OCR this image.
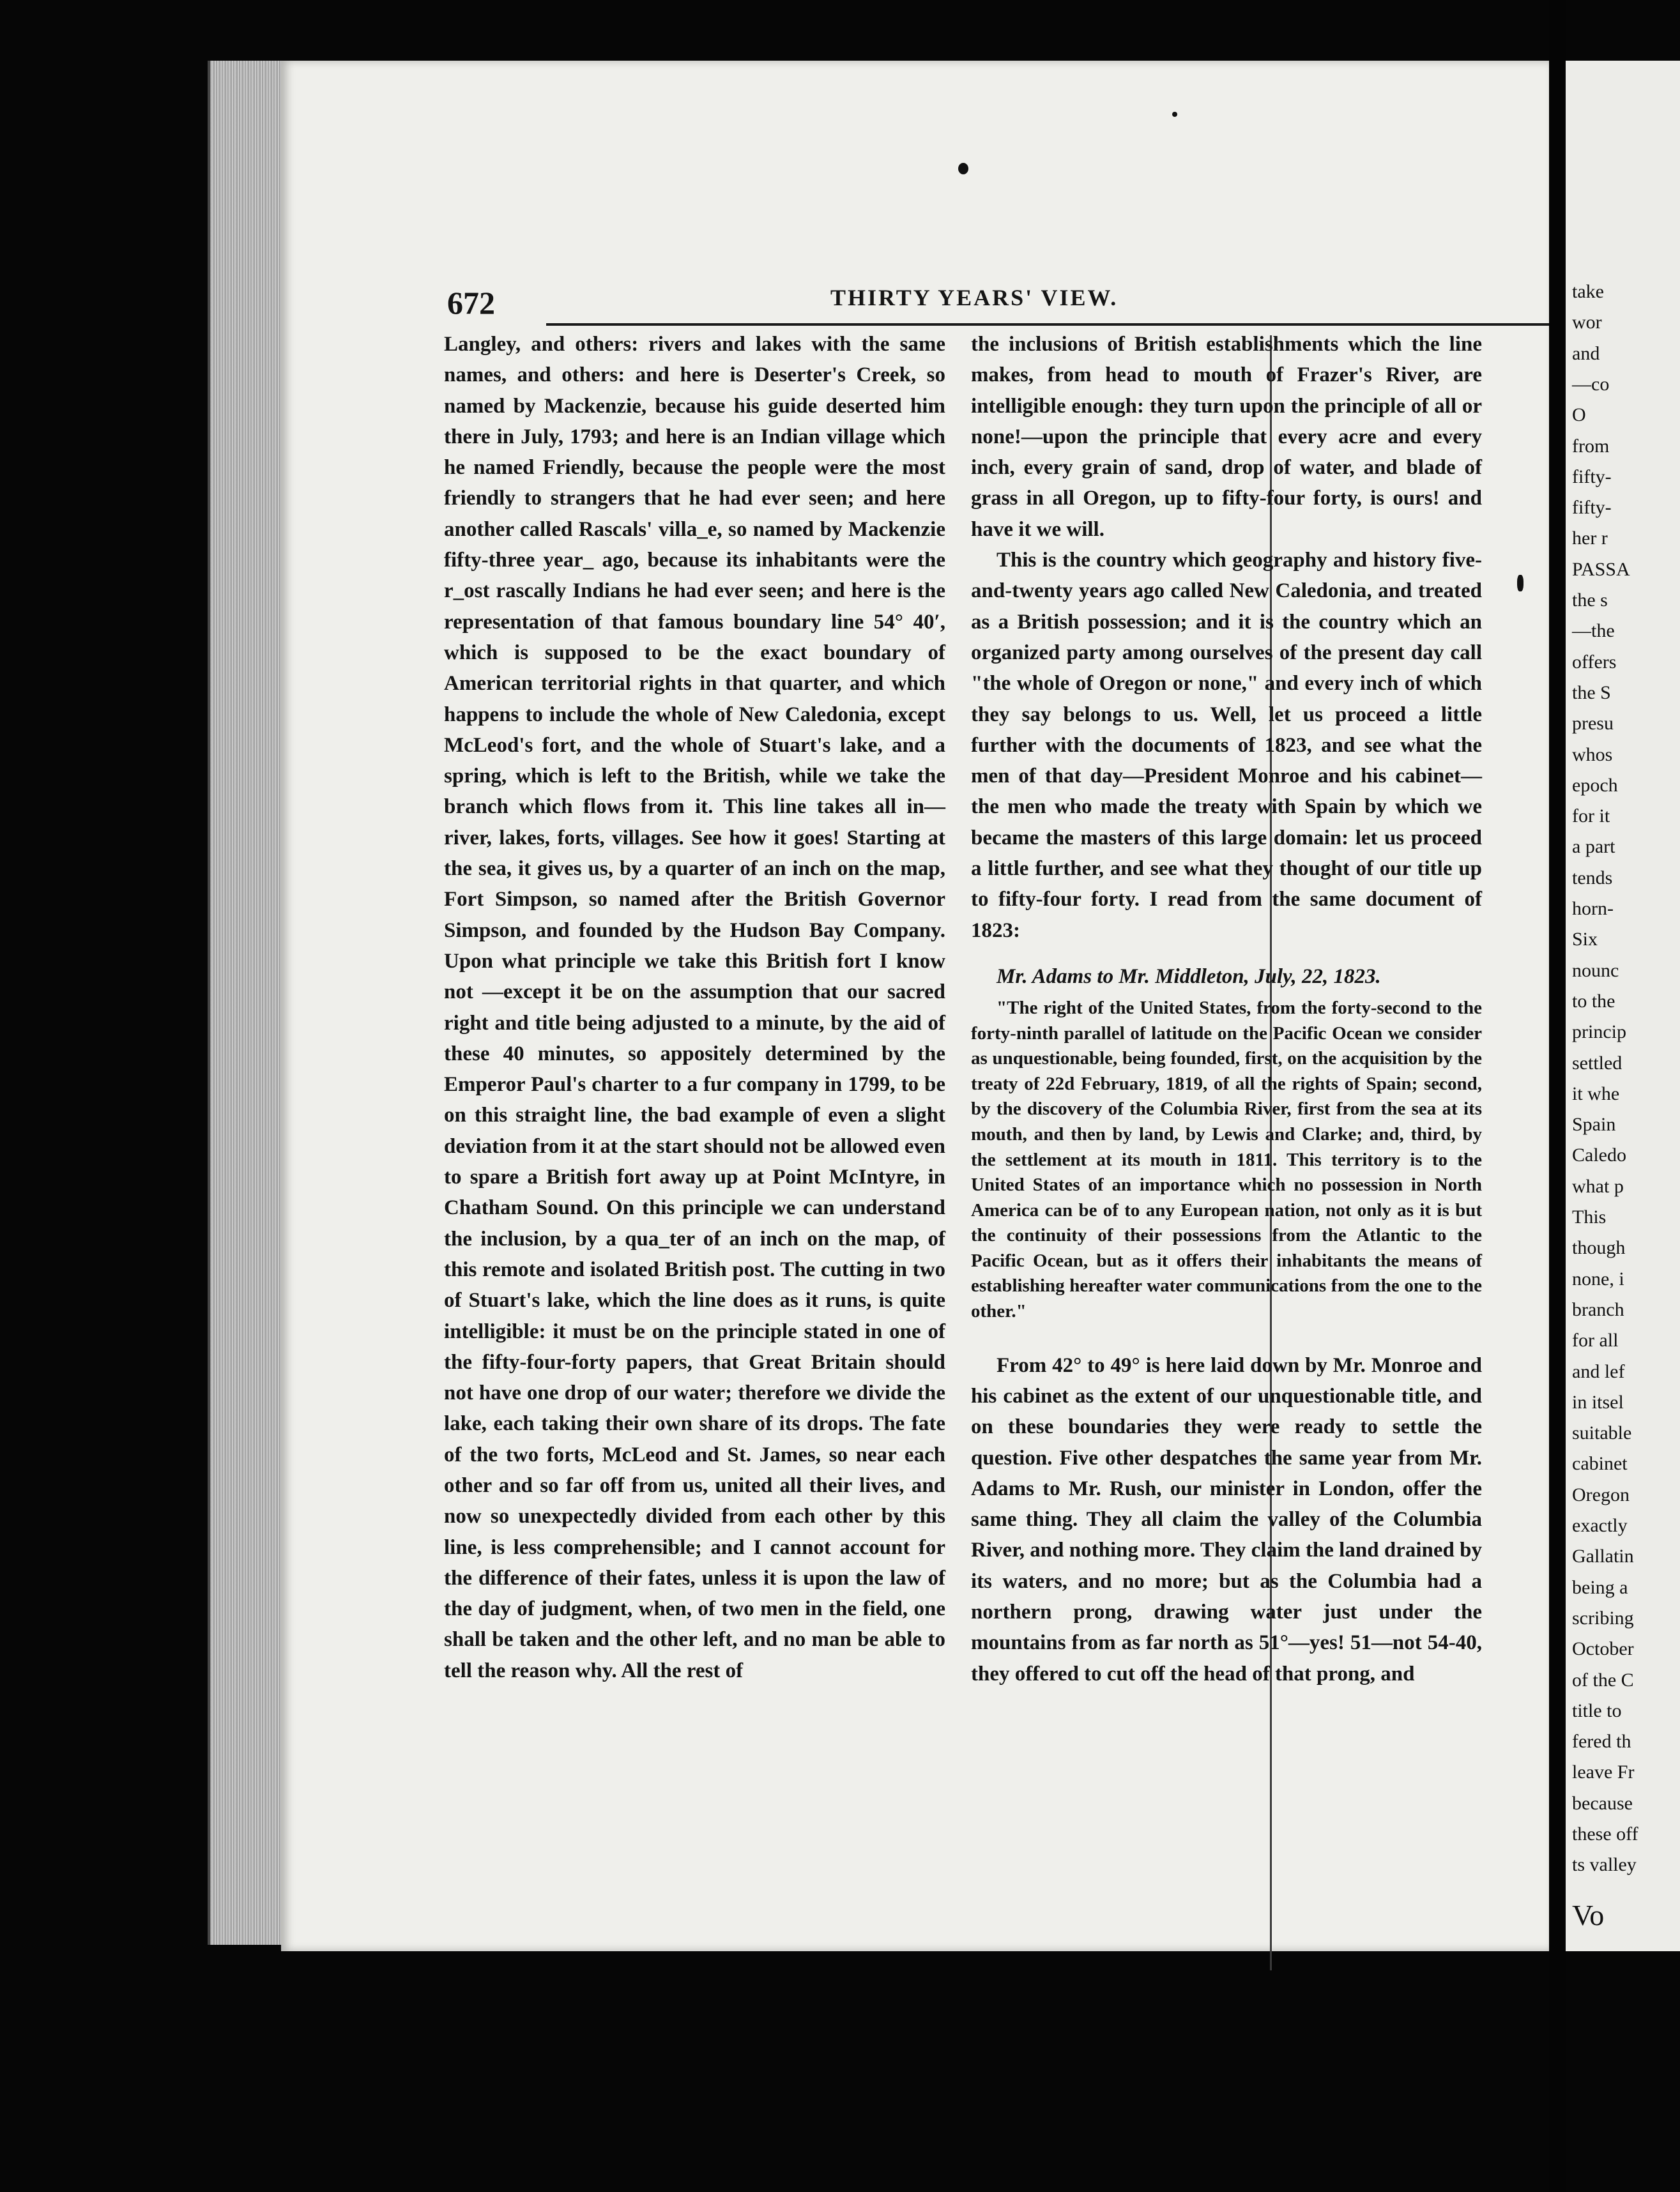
672	THIRTY YEARS' VIEW.

Langley, and others: rivers and lakes with the same names, and others: and here is Deserter's Creek, so named by Mackenzie, because his guide deserted him there in July, 1793; and here is an Indian village which he named Friendly, because the people were the most friendly to strangers that he had ever seen; and here another called Rascals' villa_e, so named by Mackenzie fifty-three year_ ago, because its inhabitants were the r_ost rascally Indians he had ever seen; and here is the representation of that famous boundary line 54° 40′, which is supposed to be the exact boundary of American territorial rights in that quarter, and which happens to include the whole of New Caledonia, except McLeod's fort, and the whole of Stuart's lake, and a spring, which is left to the British, while we take the branch which flows from it. This line takes all in— river, lakes, forts, villages. See how it goes! Starting at the sea, it gives us, by a quarter of an inch on the map, Fort Simpson, so named after the British Governor Simpson, and founded by the Hudson Bay Company. Upon what principle we take this British fort I know not —except it be on the assumption that our sacred right and title being adjusted to a minute, by the aid of these 40 minutes, so appositely determined by the Emperor Paul's charter to a fur company in 1799, to be on this straight line, the bad example of even a slight deviation from it at the start should not be allowed even to spare a British fort away up at Point McIntyre, in Chatham Sound. On this principle we can understand the inclusion, by a qua_ter of an inch on the map, of this remote and isolated British post. The cutting in two of Stuart's lake, which the line does as it runs, is quite intelligible: it must be on the principle stated in one of the fifty-four-forty papers, that Great Britain should not have one drop of our water; therefore we divide the lake, each taking their own share of its drops. The fate of the two forts, McLeod and St. James, so near each other and so far off from us, united all their lives, and now so unexpectedly divided from each other by this line, is less comprehensible; and I cannot account for the difference of their fates, unless it is upon the law of the day of judgment, when, of two men in the field, one shall be taken and the other left, and no man be able to tell the reason why. All the rest of

the inclusions of British establishments which the line makes, from head to mouth of Frazer's River, are intelligible enough: they turn upon the principle of all or none!—upon the principle that every acre and every inch, every grain of sand, drop of water, and blade of grass in all Oregon, up to fifty-four forty, is ours! and have it we will.

This is the country which geography and history five-and-twenty years ago called New Caledonia, and treated as a British possession; and it is the country which an organized party among ourselves of the present day call "the whole of Oregon or none," and every inch of which they say belongs to us. Well, let us proceed a little further with the documents of 1823, and see what the men of that day—President Monroe and his cabinet—the men who made the treaty with Spain by which we became the masters of this large domain: let us proceed a little further, and see what they thought of our title up to fifty-four forty. I read from the same document of 1823:

Mr. Adams to Mr. Middleton, July, 22, 1823.

"The right of the United States, from the forty-second to the forty-ninth parallel of latitude on the Pacific Ocean we consider as unquestionable, being founded, first, on the acquisition by the treaty of 22d February, 1819, of all the rights of Spain; second, by the discovery of the Columbia River, first from the sea at its mouth, and then by land, by Lewis and Clarke; and, third, by the settlement at its mouth in 1811. This territory is to the United States of an importance which no possession in North America can be of to any European nation, not only as it is but the continuity of their possessions from the Atlantic to the Pacific Ocean, but as it offers their inhabitants the means of establishing hereafter water communications from the one to the other."

From 42° to 49° is here laid down by Mr. Monroe and his cabinet as the extent of our unquestionable title, and on these boundaries they were ready to settle the question. Five other despatches the same year from Mr. Adams to Mr. Rush, our minister in London, offer the same thing. They all claim the valley of the Columbia River, and nothing more. They claim the land drained by its waters, and no more; but as the Columbia had a northern prong, drawing water just under the mountains from as far north as 51°—yes! 51—not 54-40, they offered to cut off the head of that prong, and

take
wor
and
—co
O
from
fifty-
fifty-
her r
PASSA
the s
—the
offers
the S
presu
whos
epoch
for it
a part
tends
horn-
Six
nounc
to the
princip
settled
it whe
Spain
Caledo
what p
This
though
none, i
branch
for all
and lef
in itsel
suitable
cabinet
Oregon
exactly
Gallatin
being a
scribing
October
of the C
title to
fered th
leave Fr
because
these off
ts valley
Vo
